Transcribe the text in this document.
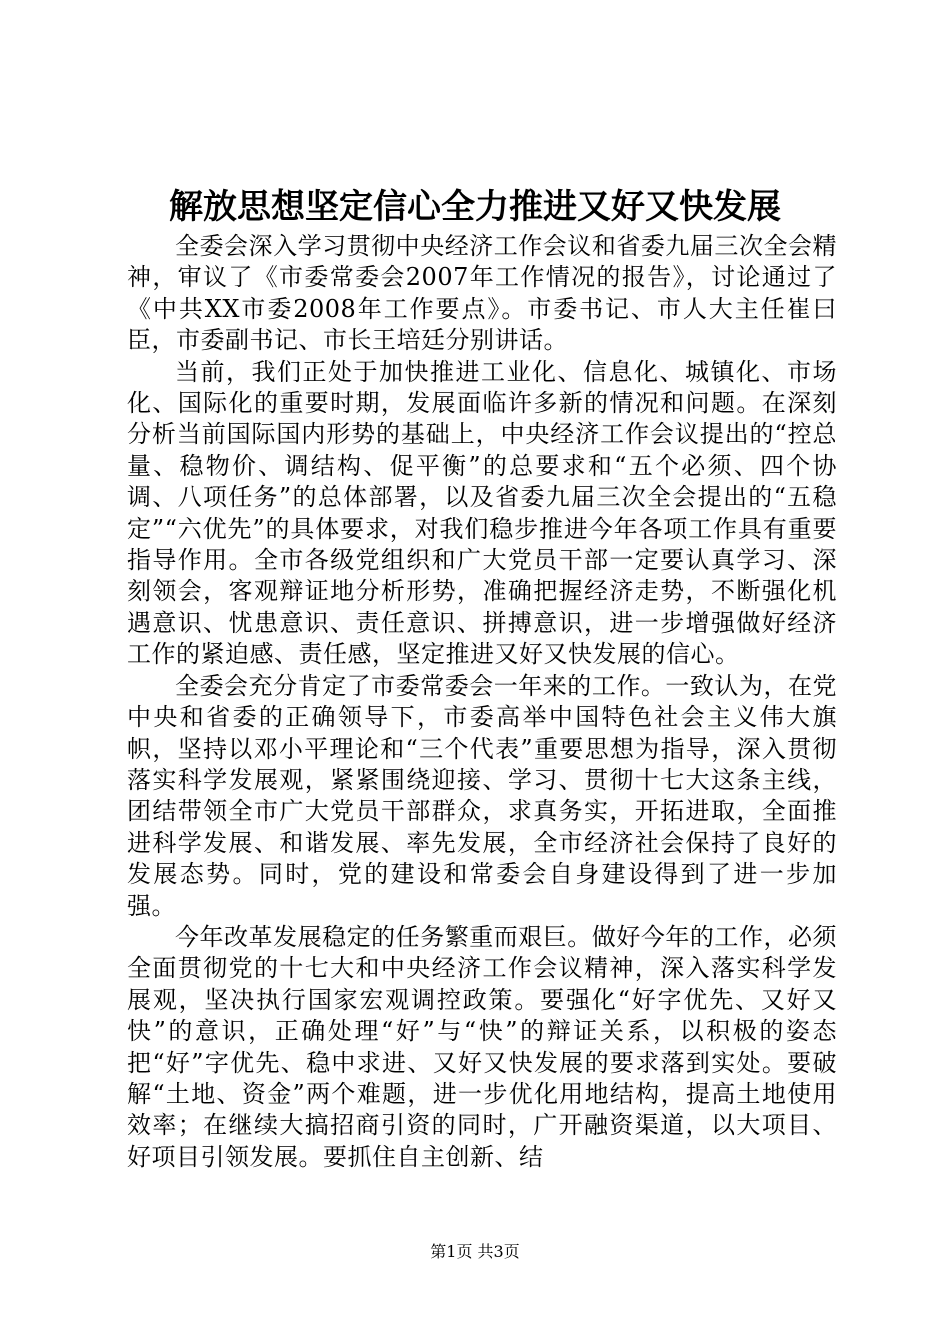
解放思想坚定信心全力推进又好又快发展

全委会深入学习贯彻中央经济工作会议和省委九届三次全会精神，审议了《市委常委会2007年工作情况的报告》，讨论通过了《中共XX市委2008年工作要点》。市委书记、市人大主任崔曰臣，市委副书记、市长王培廷分别讲话。

当前，我们正处于加快推进工业化、信息化、城镇化、市场化、国际化的重要时期，发展面临许多新的情况和问题。在深刻分析当前国际国内形势的基础上，中央经济工作会议提出的“控总量、稳物价、调结构、促平衡”的总要求和“五个必须、四个协调、八项任务”的总体部署，以及省委九届三次全会提出的“五稳定”“六优先”的具体要求，对我们稳步推进今年各项工作具有重要指导作用。全市各级党组织和广大党员干部一定要认真学习、深刻领会，客观辩证地分析形势，准确把握经济走势，不断强化机遇意识、忧患意识、责任意识、拼搏意识，进一步增强做好经济工作的紧迫感、责任感，坚定推进又好又快发展的信心。

全委会充分肯定了市委常委会一年来的工作。一致认为，在党中央和省委的正确领导下，市委高举中国特色社会主义伟大旗帜，坚持以邓小平理论和“三个代表”重要思想为指导，深入贯彻落实科学发展观，紧紧围绕迎接、学习、贯彻十七大这条主线，团结带领全市广大党员干部群众，求真务实，开拓进取，全面推进科学发展、和谐发展、率先发展，全市经济社会保持了良好的发展态势。同时，党的建设和常委会自身建设得到了进一步加强。

今年改革发展稳定的任务繁重而艰巨。做好今年的工作，必须全面贯彻党的十七大和中央经济工作会议精神，深入落实科学发展观，坚决执行国家宏观调控政策。要强化“好字优先、又好又快”的意识，正确处理“好”与“快”的辩证关系，以积极的姿态把“好”字优先、稳中求进、又好又快发展的要求落到实处。要破解“土地、资金”两个难题，进一步优化用地结构，提高土地使用效率；在继续大搞招商引资的同时，广开融资渠道，以大项目、好项目引领发展。要抓住自主创新、结

第1页 共3页
